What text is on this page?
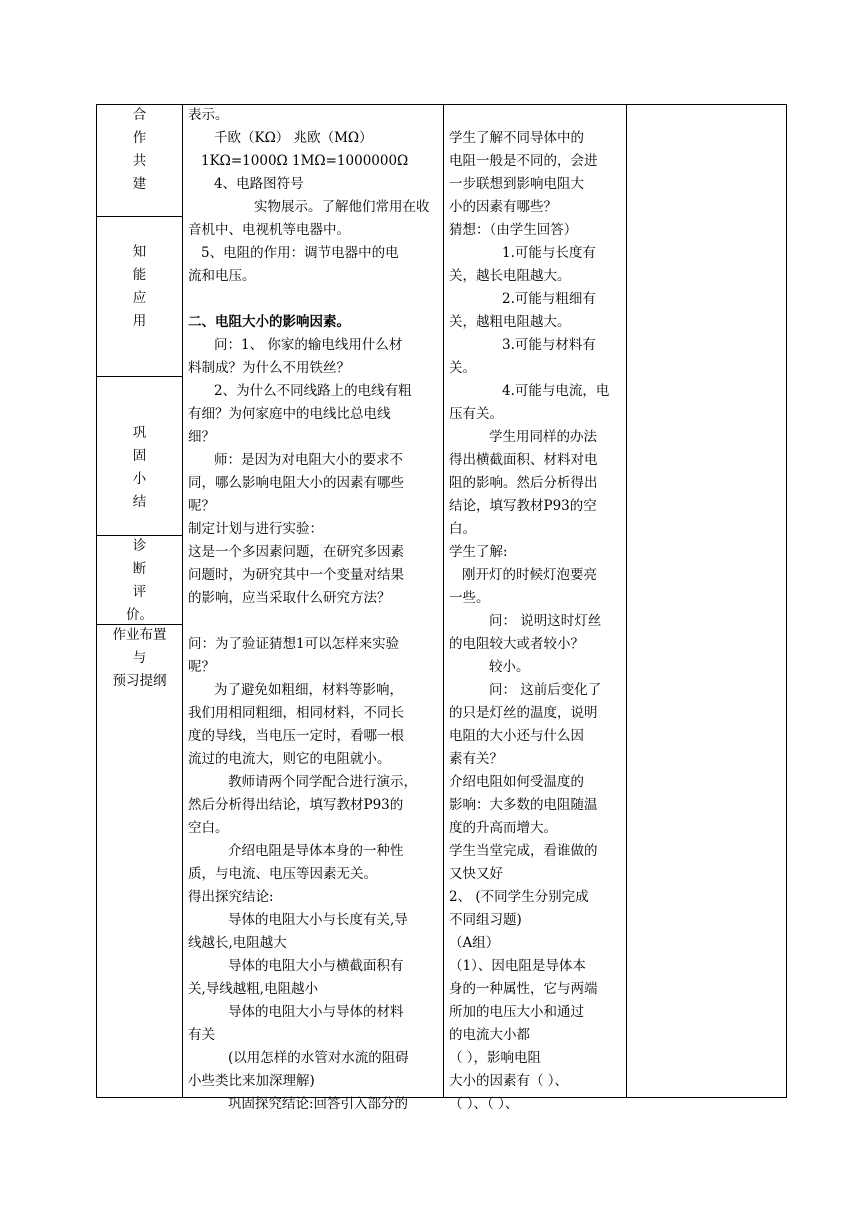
合
作
共
建
知
能
应
用
巩
固
小
结
诊
断
评
价。
作业布置
与
预习提纲
表示。
千欧（KΩ） 兆欧（MΩ）
1KΩ=1000Ω 1MΩ=1000000Ω
4、电路图符号
实物展示。了解他们常用在收
音机中、电视机等电器中。
5、电阻的作用：调节电器中的电
流和电压。
二、电阻大小的影响因素。
问：1、 你家的输电线用什么材
料制成？为什么不用铁丝？
2、为什么不同线路上的电线有粗
有细？为何家庭中的电线比总电线
细？
师：是因为对电阻大小的要求不
同，哪么影响电阻大小的因素有哪些
呢？
制定计划与进行实验：
这是一个多因素问题，在研究多因素
问题时，为研究其中一个变量对结果
的影响，应当采取什么研究方法？
问：为了验证猜想1可以怎样来实验
呢？
为了避免如粗细，材料等影响，
我们用相同粗细，相同材料，不同长
度的导线，当电压一定时，看哪一根
流过的电流大，则它的电阻就小。
教师请两个同学配合进行演示，
然后分析得出结论，填写教材P93的
空白。
介绍电阻是导体本身的一种性
质，与电流、电压等因素无关。
得出探究结论:
导体的电阻大小与长度有关,导
线越长,电阻越大
导体的电阻大小与横截面积有
关,导线越粗,电阻越小
导体的电阻大小与导体的材料
有关
(以用怎样的水管对水流的阻碍
小些类比来加深理解)
巩固探究结论:回答引入部分的
学生了解不同导体中的
电阻一般是不同的，会进
一步联想到影响电阻大
小的因素有哪些？
猜想：（由学生回答）
1.可能与长度有
关，越长电阻越大。
2.可能与粗细有
关，越粗电阻越大。
3.可能与材料有
关。
4.可能与电流，电
压有关。
学生用同样的办法
得出横截面积、材料对电
阻的影响。然后分析得出
结论，填写教材P93的空
白。
学生了解:
刚开灯的时候灯泡要亮
一些。
问： 说明这时灯丝
的电阻较大或者较小？
较小。
问： 这前后变化了
的只是灯丝的温度，说明
电阻的大小还与什么因
素有关？
介绍电阻如何受温度的
影响：大多数的电阻随温
度的升高而增大。
学生当堂完成，看谁做的
又快又好
2、 (不同学生分别完成
不同组习题)
（A组）
（1）、因电阻是导体本
身的一种属性，它与两端
所加的电压大小和通过
的电流大小都
（ ），影响电阻
大小的因素有（ ）、
（ ）、（ ）、
